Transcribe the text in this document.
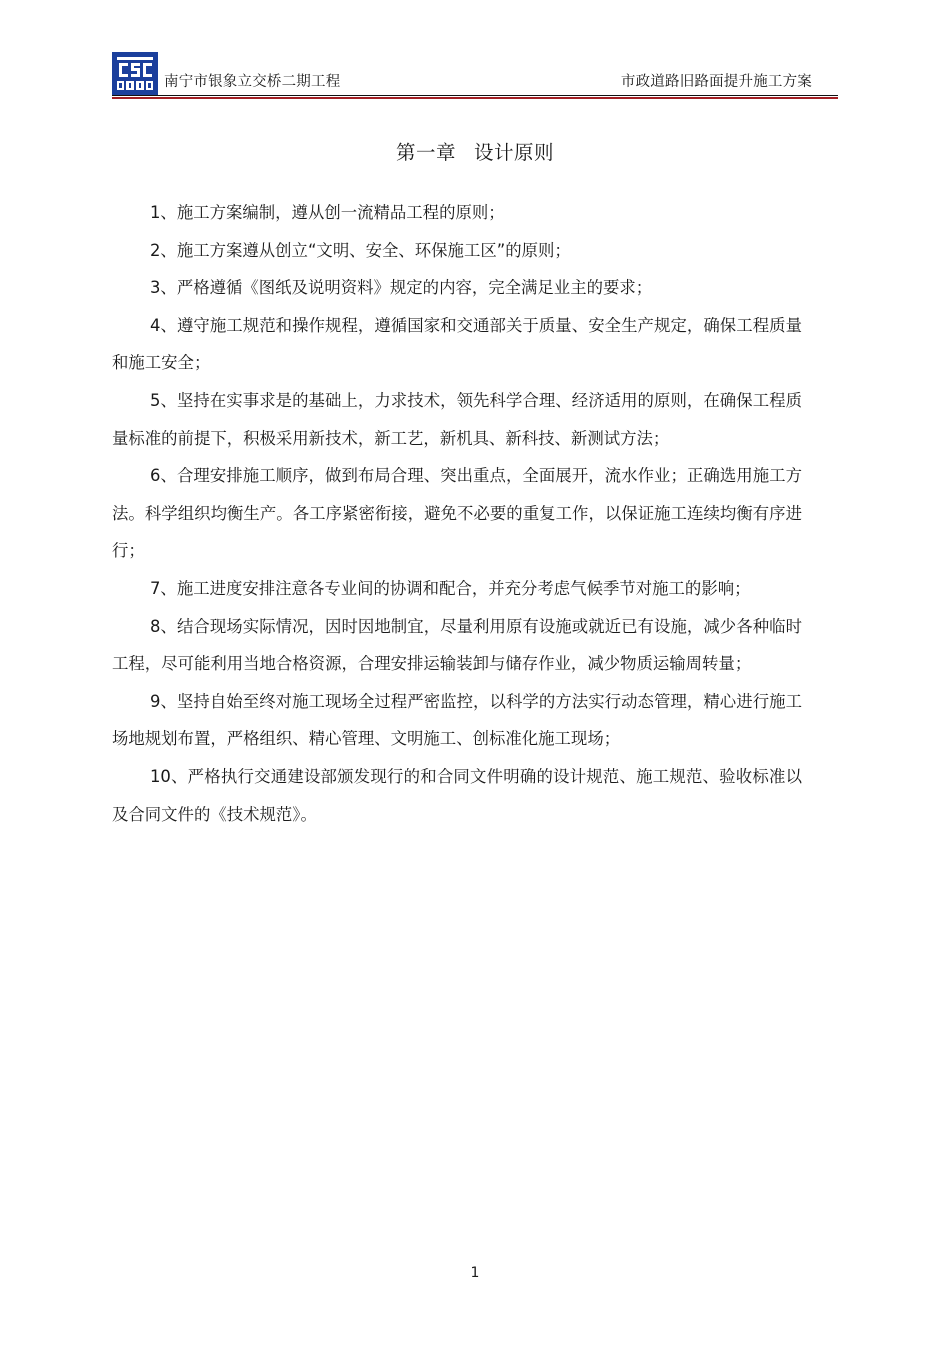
南宁市银象立交桥二期工程	市政道路旧路面提升施工方案
第一章 设计原则

1、施工方案编制，遵从创一流精品工程的原则；

2、施工方案遵从创立“文明、安全、环保施工区”的原则；

3、严格遵循《图纸及说明资料》规定的内容，完全满足业主的要求；

4、遵守施工规范和操作规程，遵循国家和交通部关于质量、安全生产规定，确保工程质量和施工安全；

5、坚持在实事求是的基础上，力求技术，领先科学合理、经济适用的原则，在确保工程质量标准的前提下，积极采用新技术，新工艺，新机具、新科技、新测试方法；

6、合理安排施工顺序，做到布局合理、突出重点，全面展开，流水作业；正确选用施工方法。科学组织均衡生产。各工序紧密衔接，避免不必要的重复工作，以保证施工连续均衡有序进行；

7、施工进度安排注意各专业间的协调和配合，并充分考虑气候季节对施工的影响；

8、结合现场实际情况，因时因地制宜，尽量利用原有设施或就近已有设施，减少各种临时工程，尽可能利用当地合格资源，合理安排运输装卸与储存作业，减少物质运输周转量；

9、坚持自始至终对施工现场全过程严密监控，以科学的方法实行动态管理，精心进行施工场地规划布置，严格组织、精心管理、文明施工、创标准化施工现场；

10、严格执行交通建设部颁发现行的和合同文件明确的设计规范、施工规范、验收标准以及合同文件的《技术规范》。

1
